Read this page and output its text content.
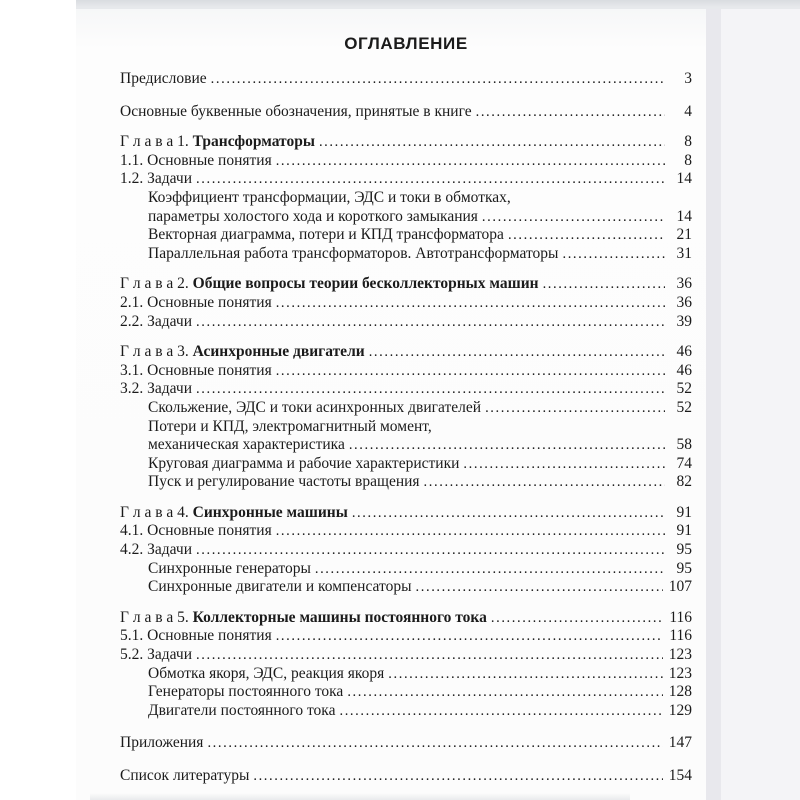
ОГЛАВЛЕНИЕ
Предисловие .....	3
Основные буквенные обозначения, принятые в книге .....	4
Г л а в а 1. Трансформаторы .....	8
1.1. Основные понятия .....	8
1.2. Задачи .....	14
Коэффициент трансформации, ЭДС и токи в обмотках,
параметры холостого хода и короткого замыкания .....	14
Векторная диаграмма, потери и КПД трансформатора .....	21
Параллельная работа трансформаторов. Автотрансформаторы .....	31
Г л а в а 2. Общие вопросы теории бесколлекторных машин .....	36
2.1. Основные понятия .....	36
2.2. Задачи .....	39
Г л а в а 3. Асинхронные двигатели .....	46
3.1. Основные понятия .....	46
3.2. Задачи .....	52
Скольжение, ЭДС и токи асинхронных двигателей .....	52
Потери и КПД, электромагнитный момент,
механическая характеристика .....	58
Круговая диаграмма и рабочие характеристики .....	74
Пуск и регулирование частоты вращения .....	82
Г л а в а 4. Синхронные машины .....	91
4.1. Основные понятия .....	91
4.2. Задачи .....	95
Синхронные генераторы .....	95
Синхронные двигатели и компенсаторы .....	107
Г л а в а 5. Коллекторные машины постоянного тока .....	116
5.1. Основные понятия .....	116
5.2. Задачи .....	123
Обмотка якоря, ЭДС, реакция якоря .....	123
Генераторы постоянного тока .....	128
Двигатели постоянного тока .....	129
Приложения .....	147
Список литературы .....	154
